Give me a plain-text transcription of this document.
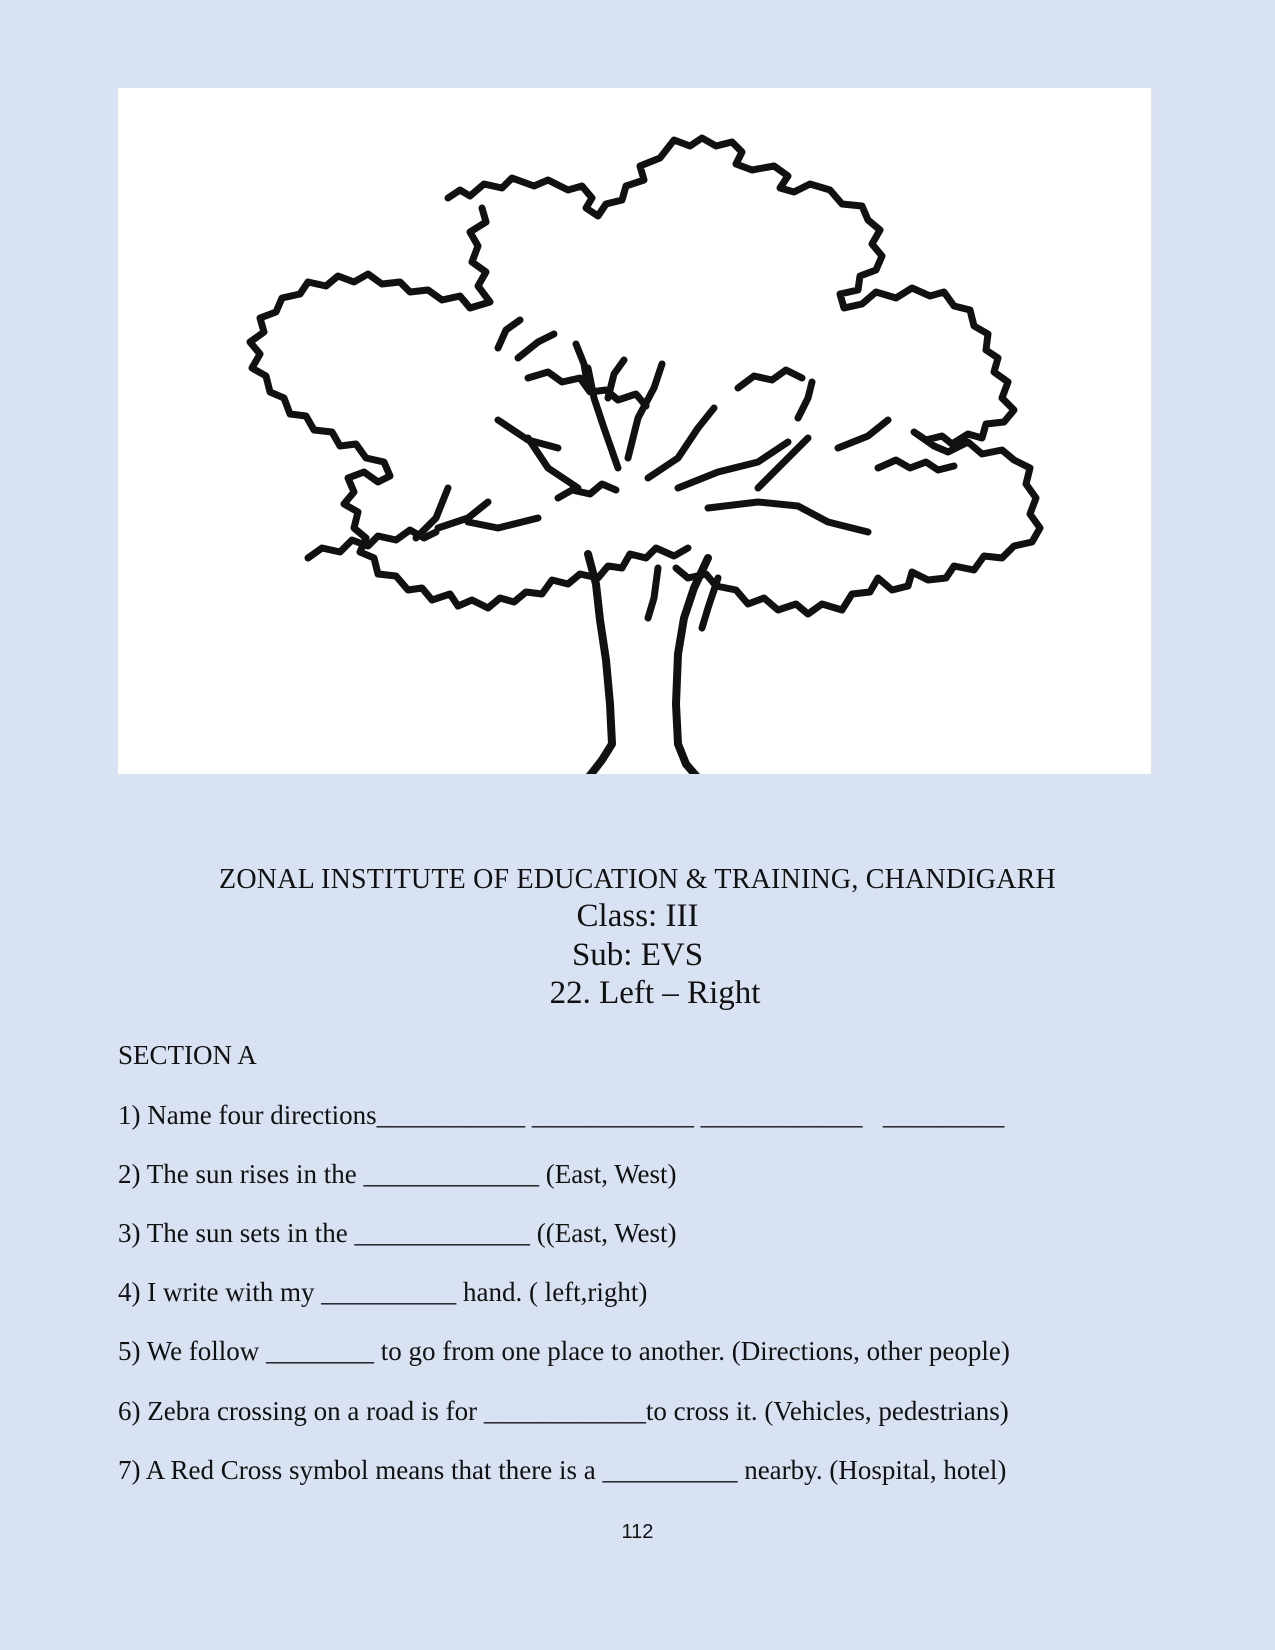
ZONAL INSTITUTE OF EDUCATION & TRAINING, CHANDIGARH
Class: III
Sub: EVS
22. Left – Right
SECTION A

1) Name four directions___________ ____________ ____________   _________

2) The sun rises in the _____________ (East, West)

3) The sun sets in the _____________ ((East, West)

4) I write with my __________ hand. ( left,right)

5) We follow ________ to go from one place to another. (Directions, other people)

6) Zebra crossing on a road is for ____________to cross it. (Vehicles, pedestrians)

7) A Red Cross symbol means that there is a __________ nearby. (Hospital, hotel)

112
